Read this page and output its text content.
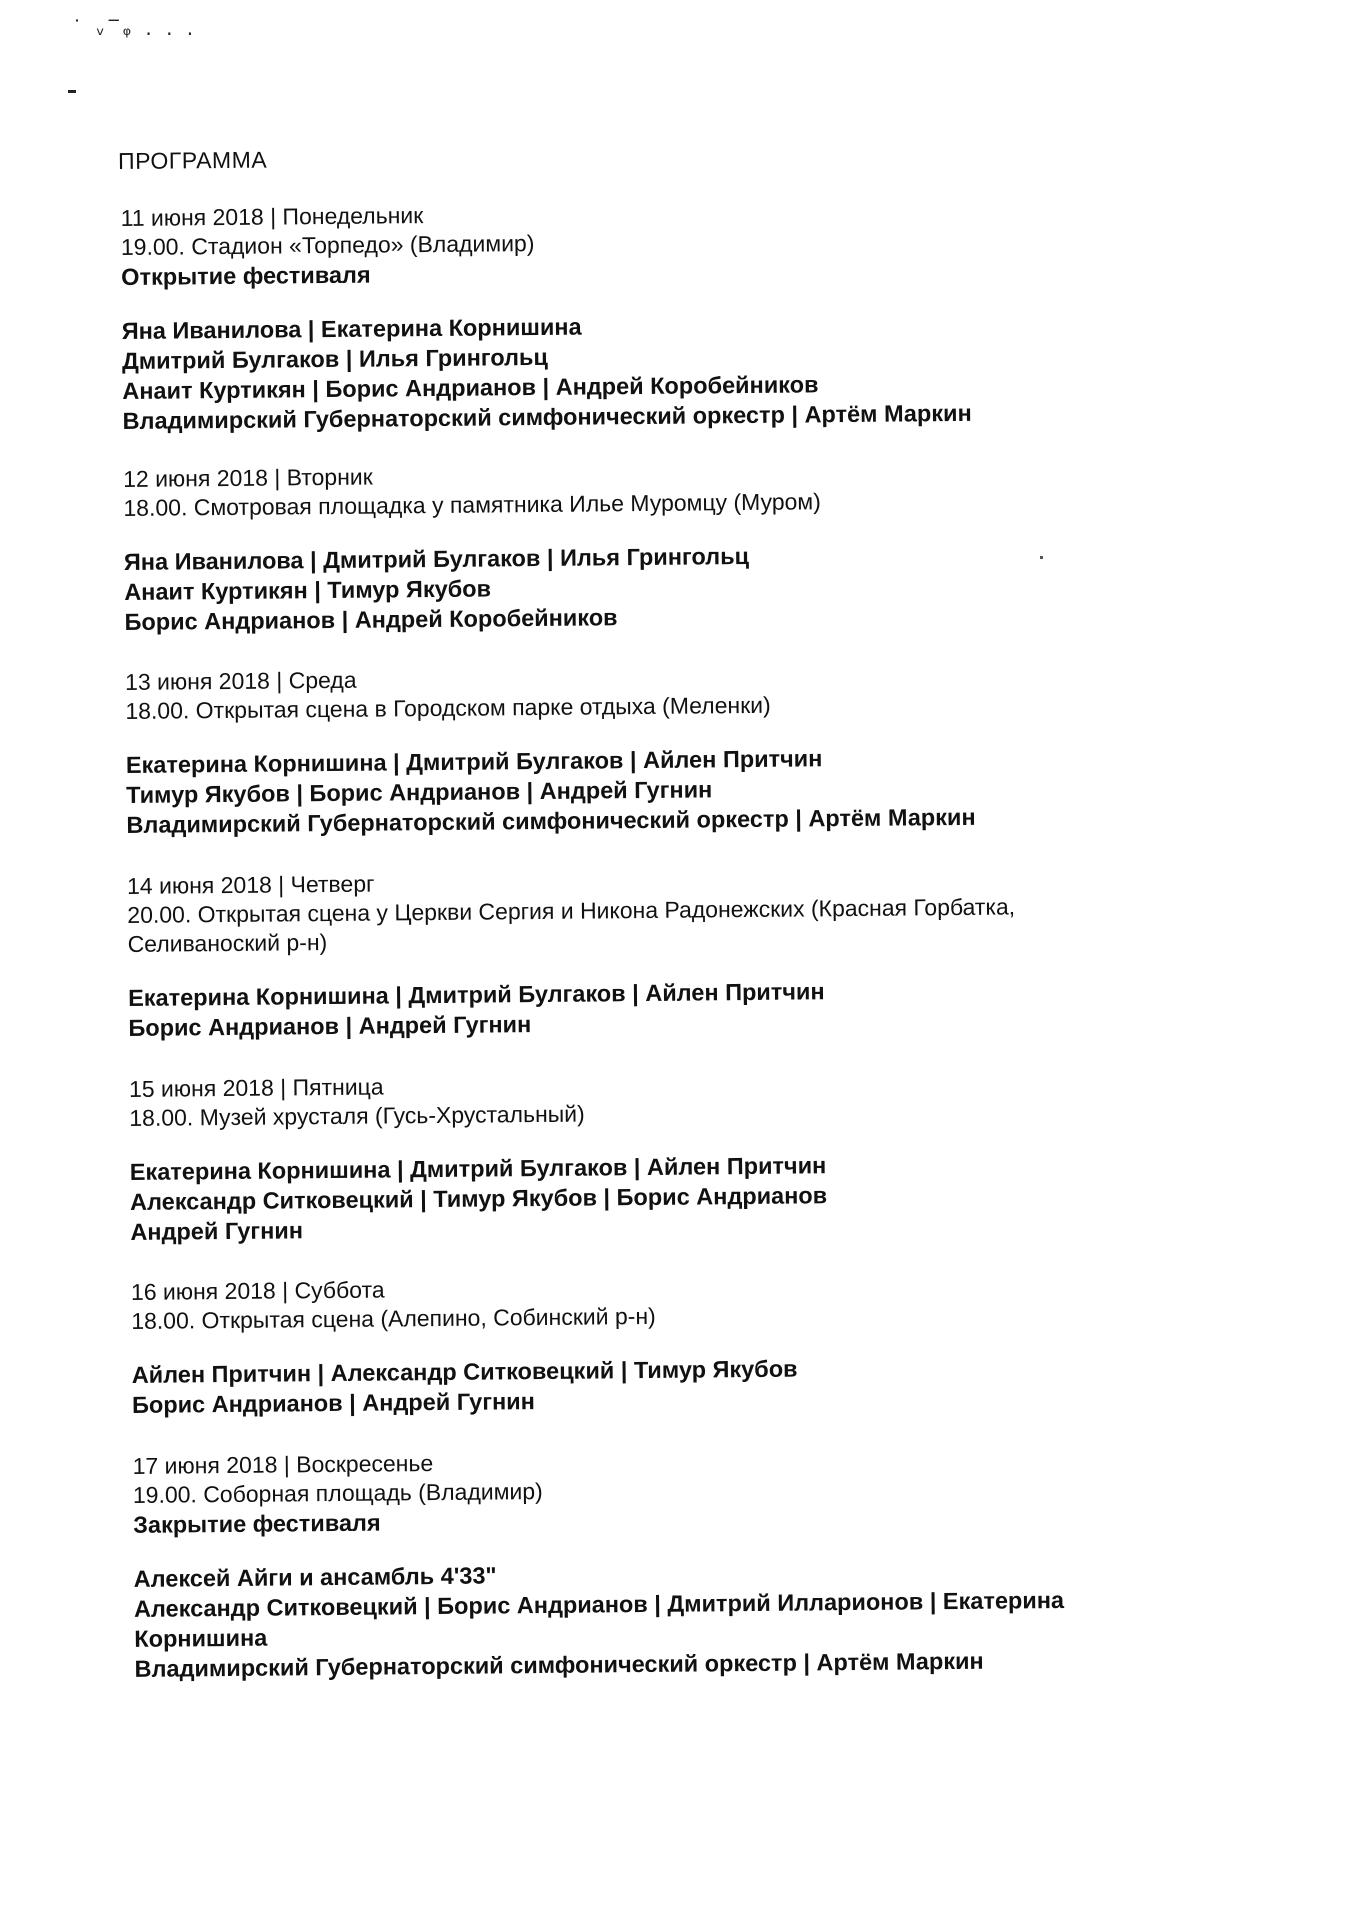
˙ ᵥ‾ᵩ . . .
ПРОГРАММА
11 июня 2018 | Понедельник
19.00. Стадион «Торпедо» (Владимир)
Открытие фестиваля
Яна Иванилова | Екатерина Корнишина
Дмитрий Булгаков | Илья Грингольц
Анаит Куртикян | Борис Андрианов | Андрей Коробейников
Владимирский Губернаторский симфонический оркестр | Артём Маркин
12 июня 2018 | Вторник
18.00. Смотровая площадка у памятника Илье Муромцу (Муром)
Яна Иванилова | Дмитрий Булгаков | Илья Грингольц
Анаит Куртикян | Тимур Якубов
Борис Андрианов | Андрей Коробейников
13 июня 2018 | Среда
18.00. Открытая сцена в Городском парке отдыха (Меленки)
Екатерина Корнишина | Дмитрий Булгаков | Айлен Притчин
Тимур Якубов | Борис Андрианов | Андрей Гугнин
Владимирский Губернаторский симфонический оркестр | Артём Маркин
14 июня 2018 | Четверг
20.00. Открытая сцена у Церкви Сергия и Никона Радонежских (Красная Горбатка,
Селиваноский р-н)
Екатерина Корнишина | Дмитрий Булгаков | Айлен Притчин
Борис Андрианов | Андрей Гугнин
15 июня 2018 | Пятница
18.00. Музей хрусталя (Гусь-Хрустальный)
Екатерина Корнишина | Дмитрий Булгаков | Айлен Притчин
Александр Ситковецкий | Тимур Якубов | Борис Андрианов
Андрей Гугнин
16 июня 2018 | Суббота
18.00. Открытая сцена (Алепино, Собинский р-н)
Айлен Притчин | Александр Ситковецкий | Тимур Якубов
Борис Андрианов | Андрей Гугнин
17 июня 2018 | Воскресенье
19.00. Соборная площадь (Владимир)
Закрытие фестиваля
Алексей Айги и ансамбль 4'33"
Александр Ситковецкий | Борис Андрианов | Дмитрий Илларионов | Екатерина
Корнишина
Владимирский Губернаторский симфонический оркестр | Артём Маркин
